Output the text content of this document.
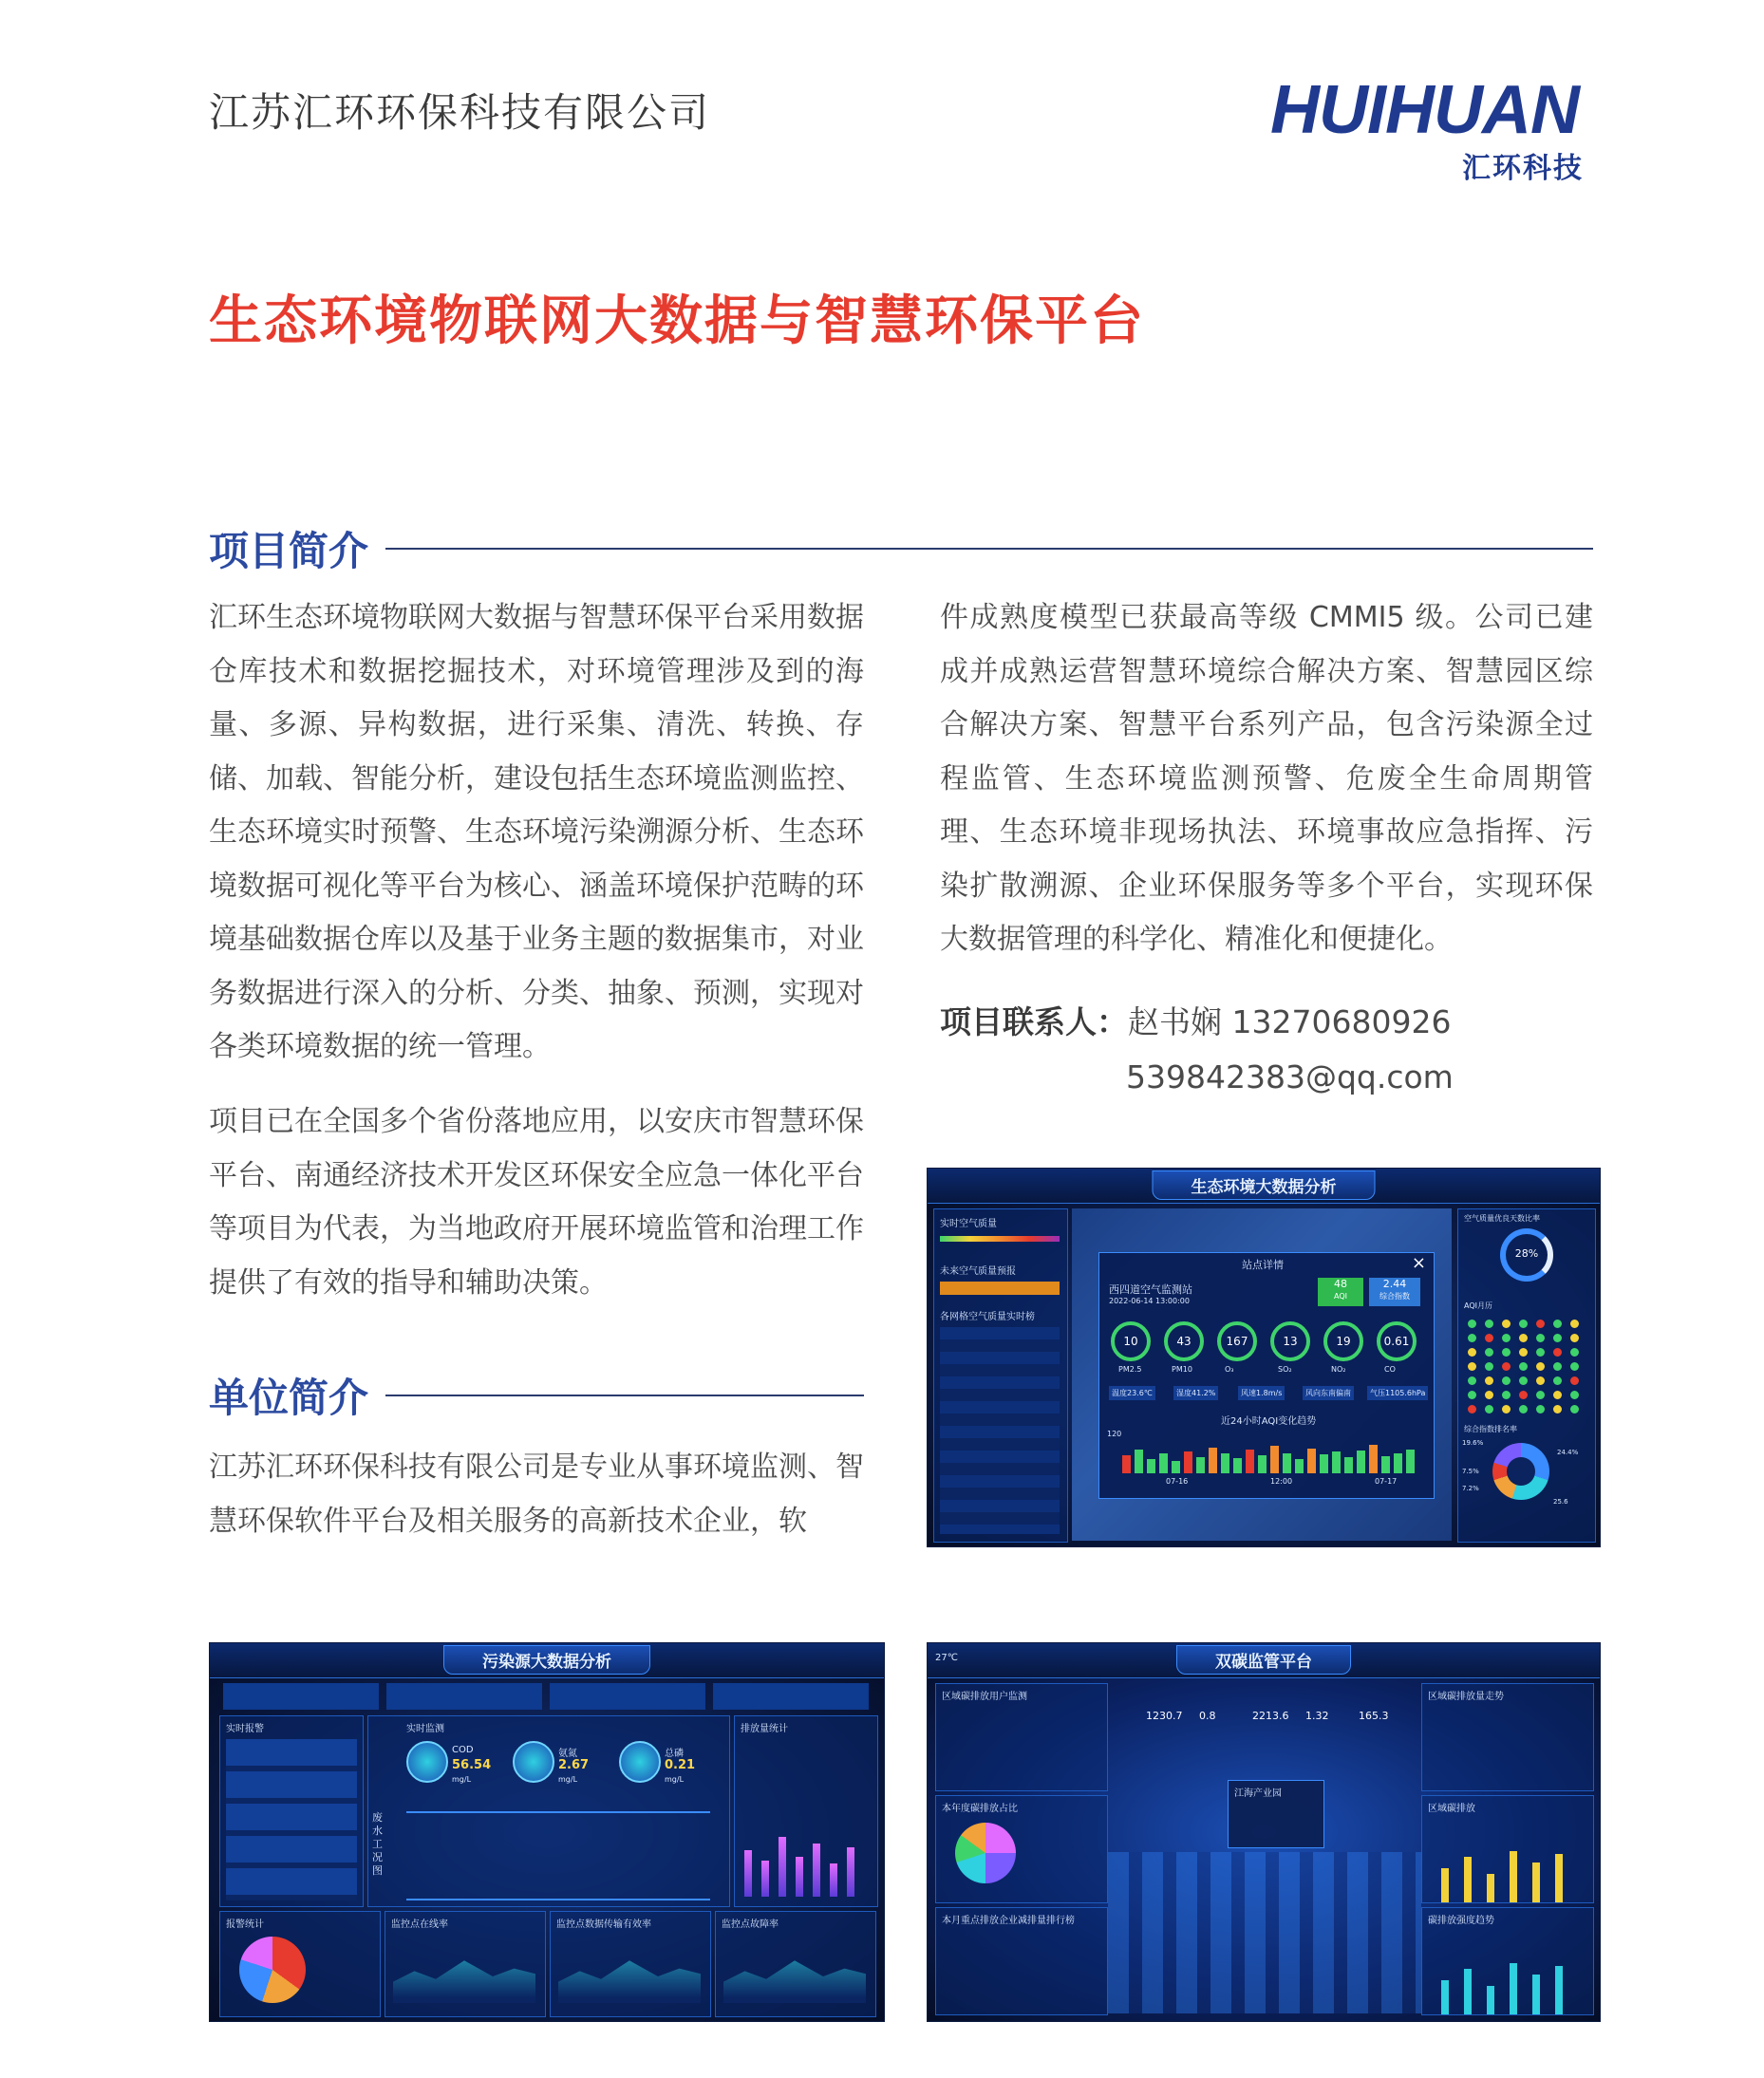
江苏汇环环保科技有限公司	HUIHUAN
汇环科技
生态环境物联网大数据与智慧环保平台
项目简介

汇环生态环境物联网大数据与智慧环保平台采用数据仓库技术和数据挖掘技术，对环境管理涉及到的海量、多源、异构数据，进行采集、清洗、转换、存储、加载、智能分析，建设包括生态环境监测监控、生态环境实时预警、生态环境污染溯源分析、生态环境数据可视化等平台为核心、涵盖环境保护范畴的环境基础数据仓库以及基于业务主题的数据集市，对业务数据进行深入的分析、分类、抽象、预测，实现对各类环境数据的统一管理。

项目已在全国多个省份落地应用，以安庆市智慧环保平台、南通经济技术开发区环保安全应急一体化平台等项目为代表，为当地政府开展环境监管和治理工作提供了有效的指导和辅助决策。

件成熟度模型已获最高等级 CMMI5 级。公司已建成并成熟运营智慧环境综合解决方案、智慧园区综合解决方案、智慧平台系列产品，包含污染源全过程监管、生态环境监测预警、危废全生命周期管理、生态环境非现场执法、环境事故应急指挥、污染扩散溯源、企业环保服务等多个平台，实现环保大数据管理的科学化、精准化和便捷化。

项目联系人：赵书娴 13270680926
539842383@qq.com
单位简介

江苏汇环环保科技有限公司是专业从事环境监测、智慧环保软件平台及相关服务的高新技术企业，软

生态环境大数据分析
实时空气质量
未来空气质量预报
各网格空气质量实时榜
站点详情	×
西四道空气监测站
2022-06-14 13:00:00
48
AQI
2.44
综合指数
10
PM2.5
43
PM10
167
O₃
13
SO₂
19
NO₂
0.61
CO
温度23.6℃	湿度41.2%	风速1.8m/s	风向东南偏南	气压1105.6hPa
近24小时AQI变化趋势
120
07-16	12:00	07-17
空气质量优良天数比率
28%
AQI月历
综合指数排名率
19.6%
24.4%
7.5%
7.2%
25.6
污染源大数据分析
实时报警	实时监测
COD
56.54
mg/L
氨氮
2.67
mg/L
总磷
0.21
mg/L
废水工况图
排放量统计
报警统计	监控点在线率	监控点数据传输有效率	监控点故障率
双碳监管平台
27℃
区域碳排放用户监测
本年度碳排放占比
本月重点排放企业减排量排行榜
区域碳排放量走势
区域碳排放
碳排放强度趋势
1230.7 0.8	2213.6 1.32	165.3
江海产业园
